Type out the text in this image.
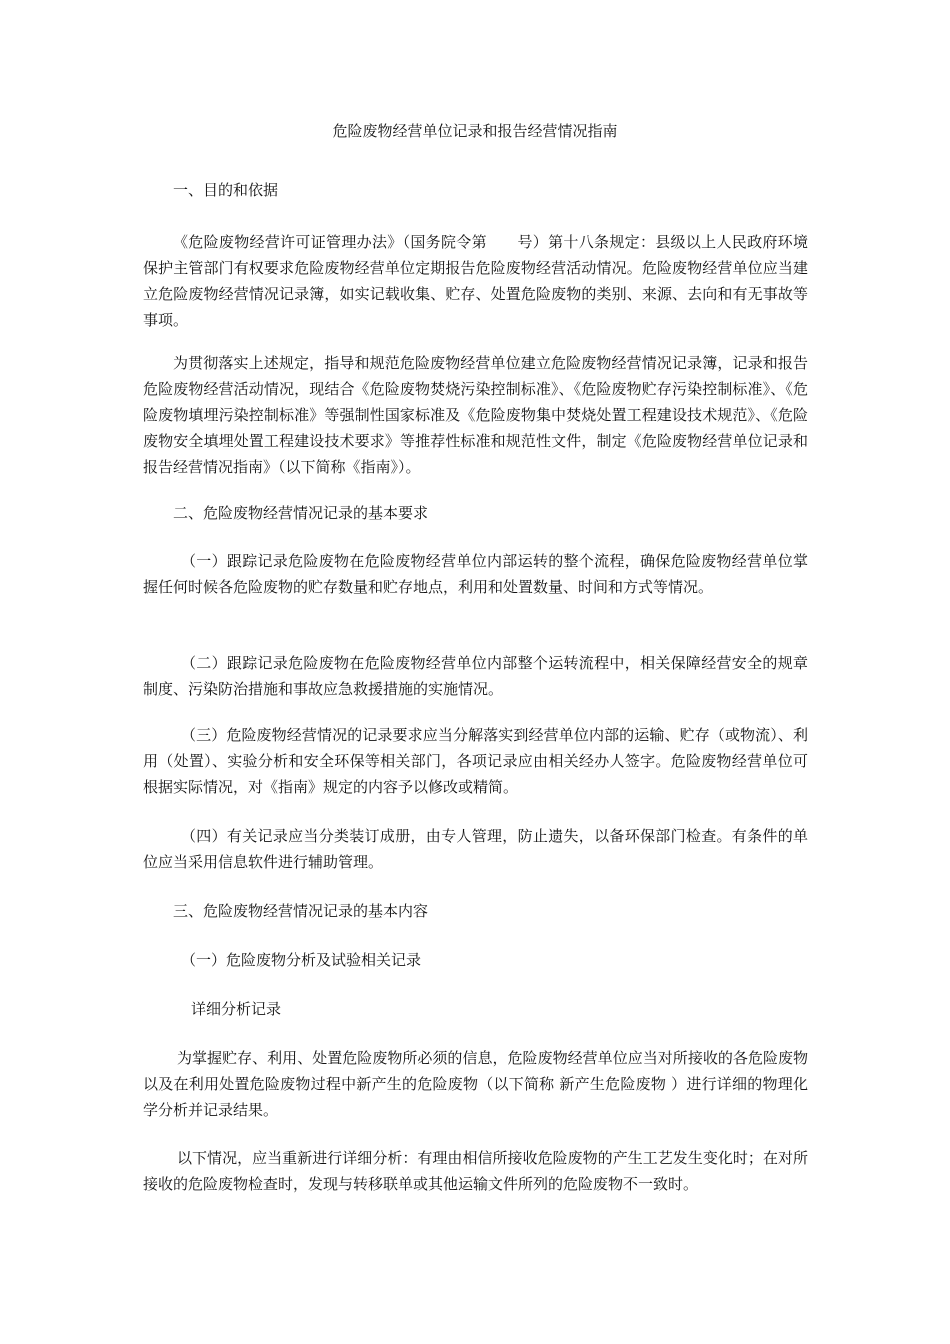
危险废物经营单位记录和报告经营情况指南
一、目的和依据

《危险废物经营许可证管理办法》（国务院令第　　号）第十八条规定：县级以上人民政府环境保护主管部门有权要求危险废物经营单位定期报告危险废物经营活动情况。危险废物经营单位应当建立危险废物经营情况记录簿，如实记载收集、贮存、处置危险废物的类别、来源、去向和有无事故等事项。

为贯彻落实上述规定，指导和规范危险废物经营单位建立危险废物经营情况记录簿，记录和报告危险废物经营活动情况，现结合《危险废物焚烧污染控制标准》、《危险废物贮存污染控制标准》、《危险废物填埋污染控制标准》等强制性国家标准及《危险废物集中焚烧处置工程建设技术规范》、《危险废物安全填埋处置工程建设技术要求》等推荐性标准和规范性文件，制定《危险废物经营单位记录和报告经营情况指南》（以下简称《指南》）。

二、危险废物经营情况记录的基本要求

（一）跟踪记录危险废物在危险废物经营单位内部运转的整个流程，确保危险废物经营单位掌握任何时候各危险废物的贮存数量和贮存地点，利用和处置数量、时间和方式等情况。

（二）跟踪记录危险废物在危险废物经营单位内部整个运转流程中，相关保障经营安全的规章制度、污染防治措施和事故应急救援措施的实施情况。

（三）危险废物经营情况的记录要求应当分解落实到经营单位内部的运输、贮存（或物流）、利用（处置）、实验分析和安全环保等相关部门，各项记录应由相关经办人签字。危险废物经营单位可根据实际情况，对《指南》规定的内容予以修改或精简。

（四）有关记录应当分类装订成册，由专人管理，防止遗失，以备环保部门检查。有条件的单位应当采用信息软件进行辅助管理。

三、危险废物经营情况记录的基本内容
（一）危险废物分析及试验相关记录
详细分析记录

为掌握贮存、利用、处置危险废物所必须的信息，危险废物经营单位应当对所接收的各危险废物以及在利用处置危险废物过程中新产生的危险废物（以下简称 新产生危险废物 ）进行详细的物理化学分析并记录结果。

以下情况，应当重新进行详细分析：有理由相信所接收危险废物的产生工艺发生变化时；在对所接收的危险废物检查时，发现与转移联单或其他运输文件所列的危险废物不一致时。
